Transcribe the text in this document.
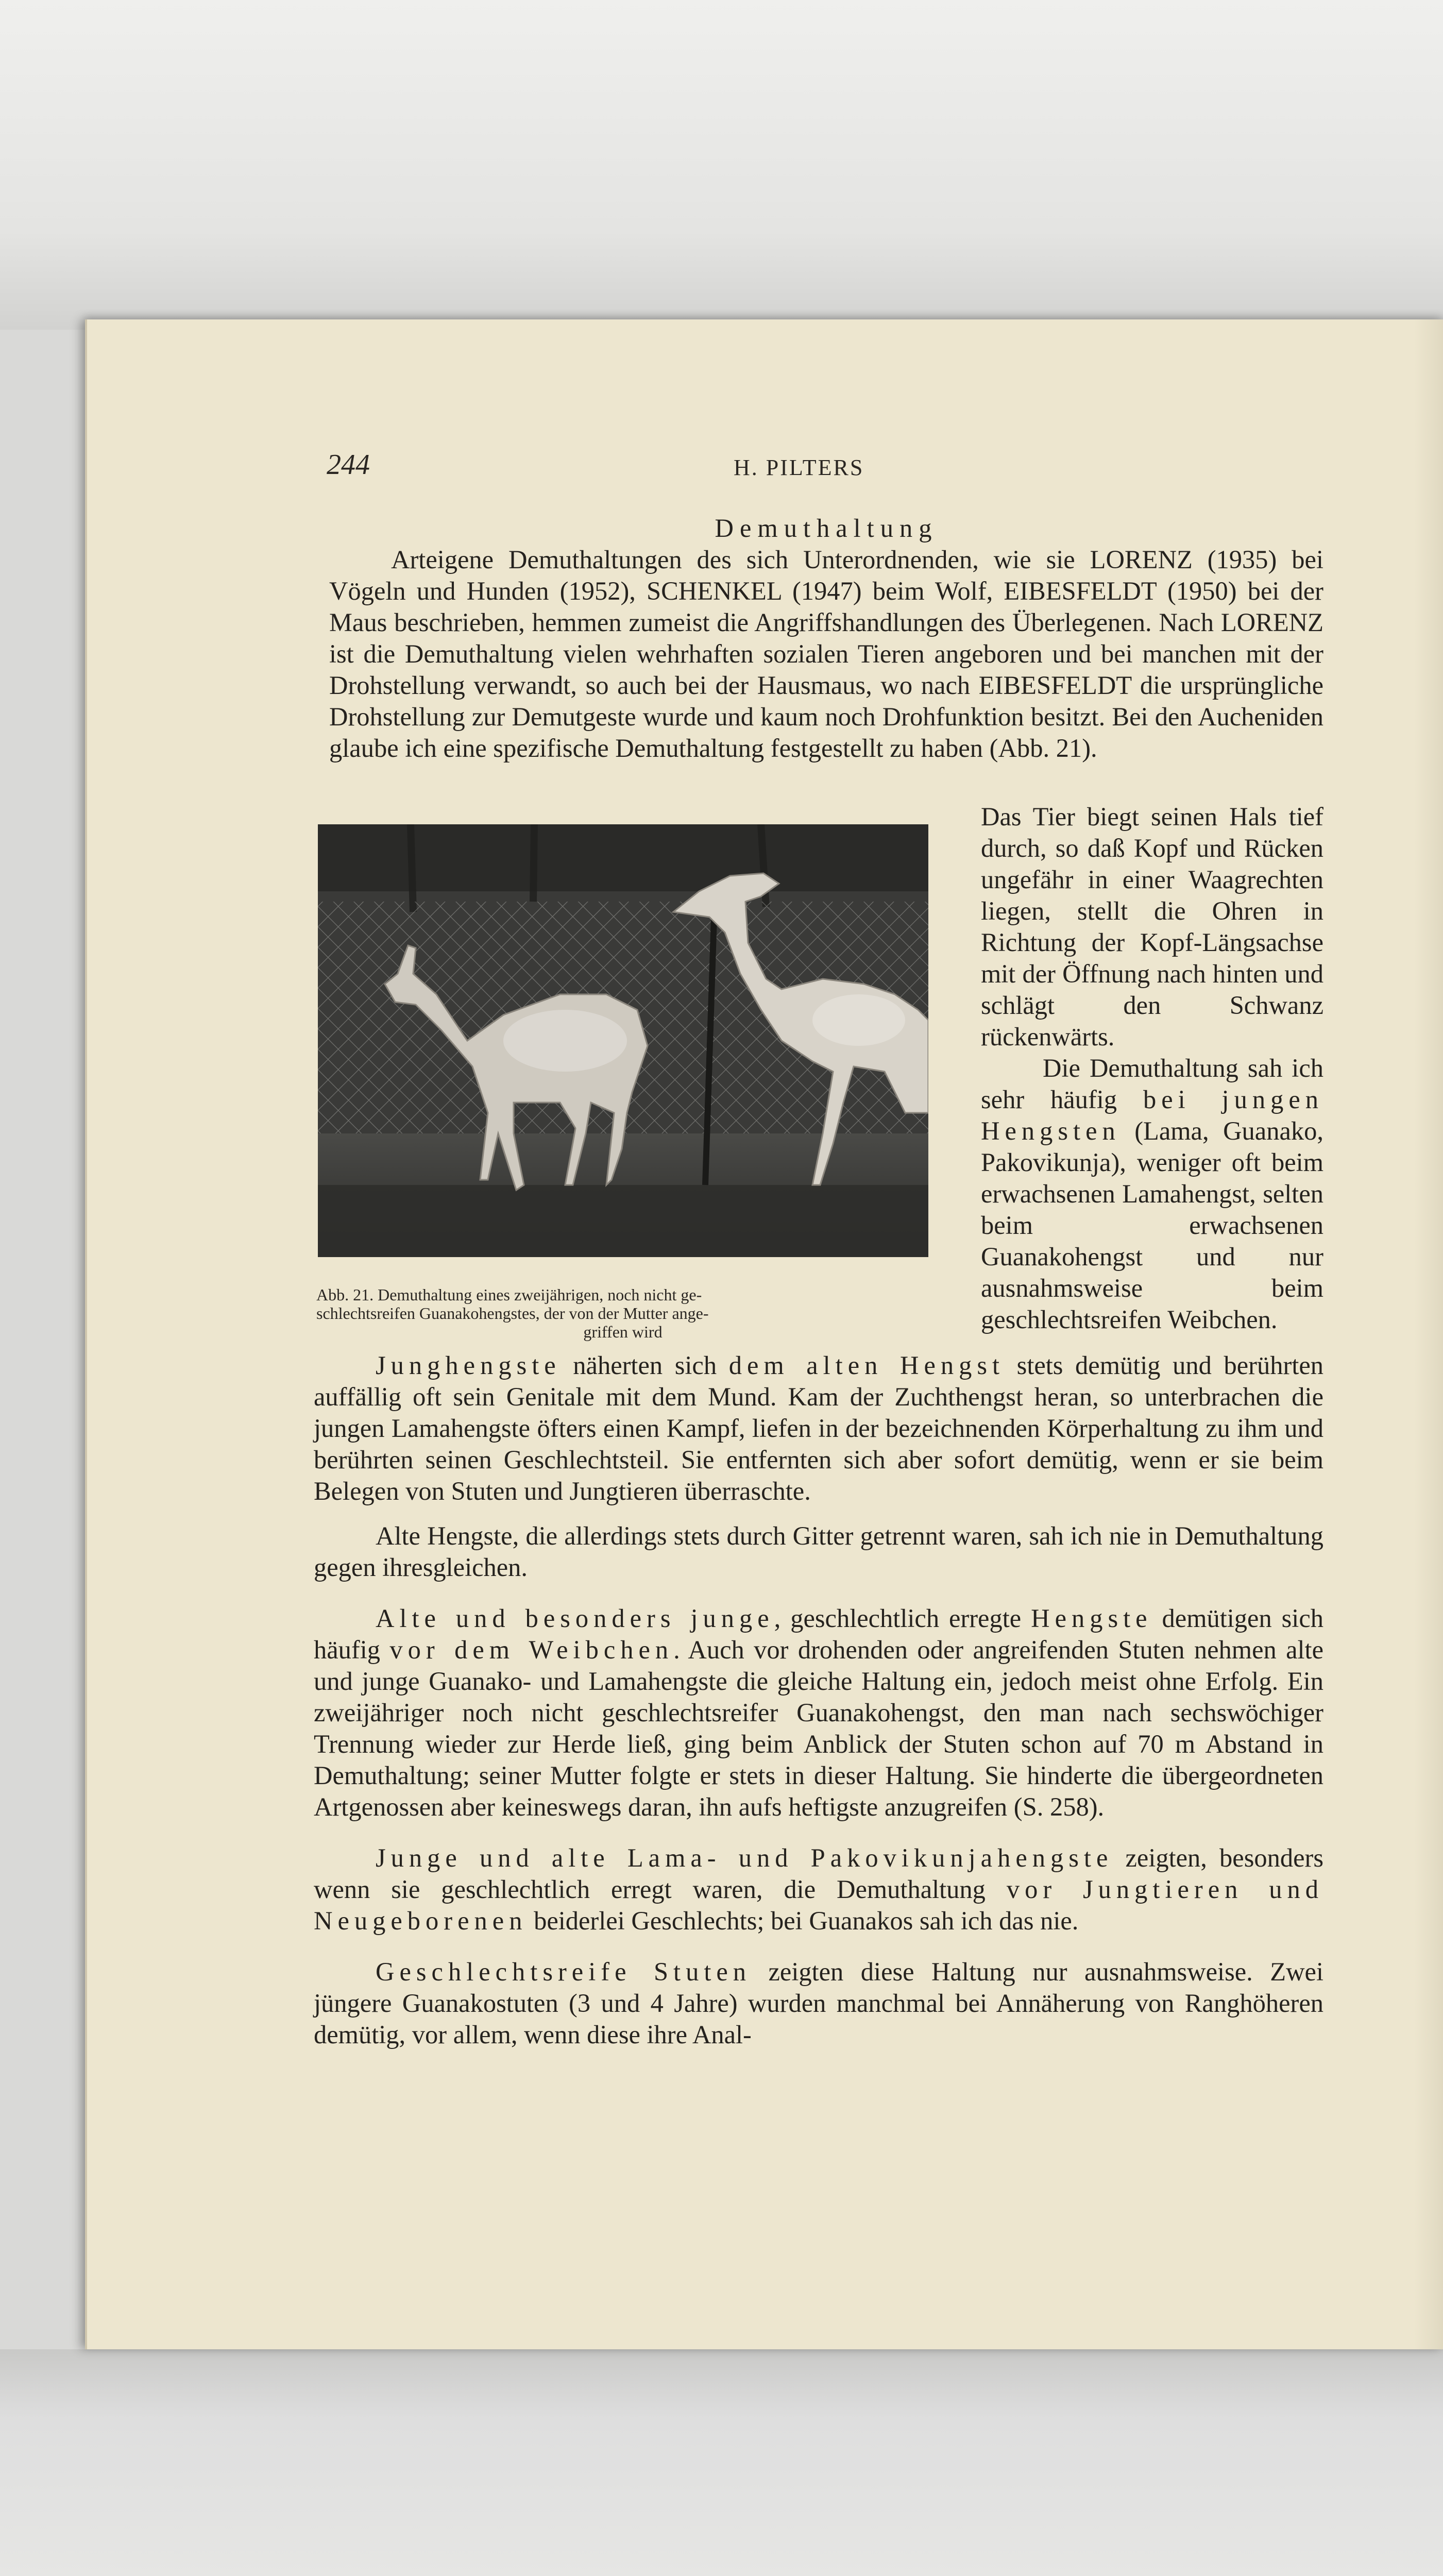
244	H. PILTERS

Demuthaltung

Arteigene Demuthaltungen des sich Unterordnenden, wie sie LORENZ (1935) bei Vögeln und Hunden (1952), SCHENKEL (1947) beim Wolf, EIBESFELDT (1950) bei der Maus beschrieben, hemmen zumeist die Angriffshandlungen des Überlegenen. Nach LORENZ ist die Demuthaltung vielen wehrhaften sozialen Tieren angeboren und bei manchen mit der Drohstellung verwandt, so auch bei der Hausmaus, wo nach EIBESFELDT die ursprüngliche Drohstellung zur Demutgeste wurde und kaum noch Drohfunktion besitzt. Bei den Aucheniden glaube ich eine spezifische Demuthaltung festgestellt zu haben (Abb. 21).

Abb. 21. Demuthaltung eines zweijährigen, noch nicht ge-
schlechtsreifen Guanakohengstes, der von der Mutter ange-
griffen wird

Das Tier biegt seinen Hals tief durch, so daß Kopf und Rücken ungefähr in einer Waagrechten liegen, stellt die Ohren in Richtung der Kopf-Längsachse mit der Öffnung nach hinten und schlägt den Schwanz rückenwärts.

Die Demuthaltung sah ich sehr häufig bei jungen Hengsten (Lama, Guanako, Pakovikunja), weniger oft beim erwachsenen Lamahengst, selten beim erwachsenen Guanakohengst und nur ausnahmsweise beim geschlechtsreifen Weibchen.

Junghengste näherten sich dem alten Hengst stets demütig und berührten auffällig oft sein Genitale mit dem Mund. Kam der Zuchthengst heran, so unterbrachen die jungen Lamahengste öfters einen Kampf, liefen in der bezeichnenden Körperhaltung zu ihm und berührten seinen Geschlechtsteil. Sie entfernten sich aber sofort demütig, wenn er sie beim Belegen von Stuten und Jungtieren überraschte.

Alte Hengste, die allerdings stets durch Gitter getrennt waren, sah ich nie in Demuthaltung gegen ihresgleichen.

Alte und besonders junge, geschlechtlich erregte Hengste demütigen sich häufig vor dem Weibchen. Auch vor drohenden oder angreifenden Stuten nehmen alte und junge Guanako- und Lamahengste die gleiche Haltung ein, jedoch meist ohne Erfolg. Ein zweijähriger noch nicht geschlechtsreifer Guanakohengst, den man nach sechswöchiger Trennung wieder zur Herde ließ, ging beim Anblick der Stuten schon auf 70 m Abstand in Demuthaltung; seiner Mutter folgte er stets in dieser Haltung. Sie hinderte die übergeordneten Artgenossen aber keineswegs daran, ihn aufs heftigste anzugreifen (S. 258).

Junge und alte Lama- und Pakovikunjahengste zeigten, besonders wenn sie geschlechtlich erregt waren, die Demuthaltung vor Jungtieren und Neugeborenen beiderlei Geschlechts; bei Guanakos sah ich das nie.

Geschlechtsreife Stuten zeigten diese Haltung nur ausnahmsweise. Zwei jüngere Guanakostuten (3 und 4 Jahre) wurden manchmal bei Annäherung von Ranghöheren demütig, vor allem, wenn diese ihre Anal-
